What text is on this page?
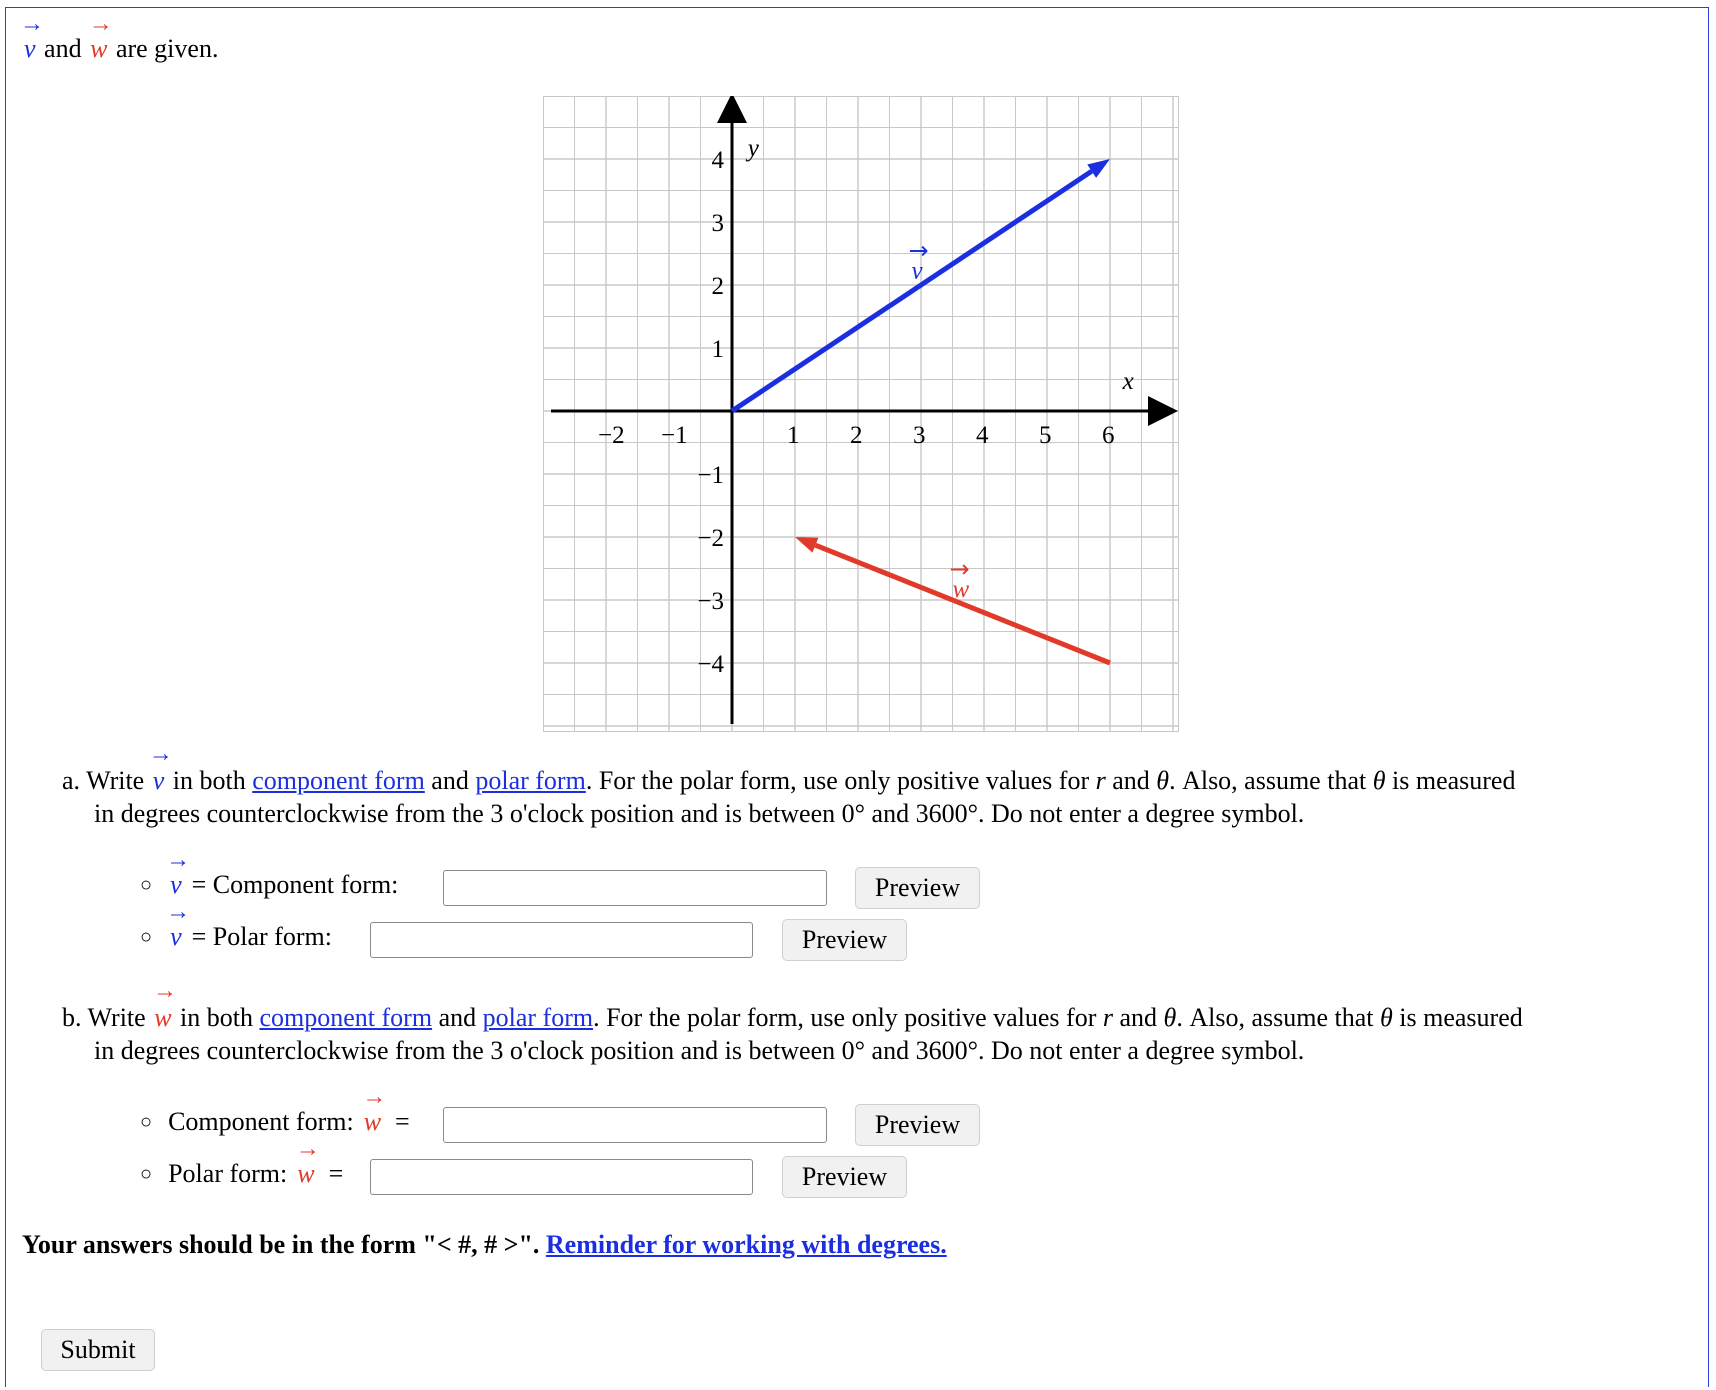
→
v and
→
w are given.
−2 −1	1 2 3 4 5 6
4
3
2
1
−1
−2
−3
−4
x
y
v
→
w
→
a. Write
→
v in both component form and polar form. For the polar form, use only positive values for r and θ. Also, assume that θ is measured
in degrees counterclockwise from the 3 o'clock position and is between 0° and 3600°. Do not enter a degree symbol.
○
→
v = Component form:	Preview
○
→
v = Polar form:	Preview
b. Write
→
w in both component form and polar form. For the polar form, use only positive values for r and θ. Also, assume that θ is measured
in degrees counterclockwise from the 3 o'clock position and is between 0° and 3600°. Do not enter a degree symbol.
○ Component form:
→
w =	Preview
○ Polar form:
→
w =	Preview
Your answers should be in the form "< #, # >". Reminder for working with degrees.
Submit
